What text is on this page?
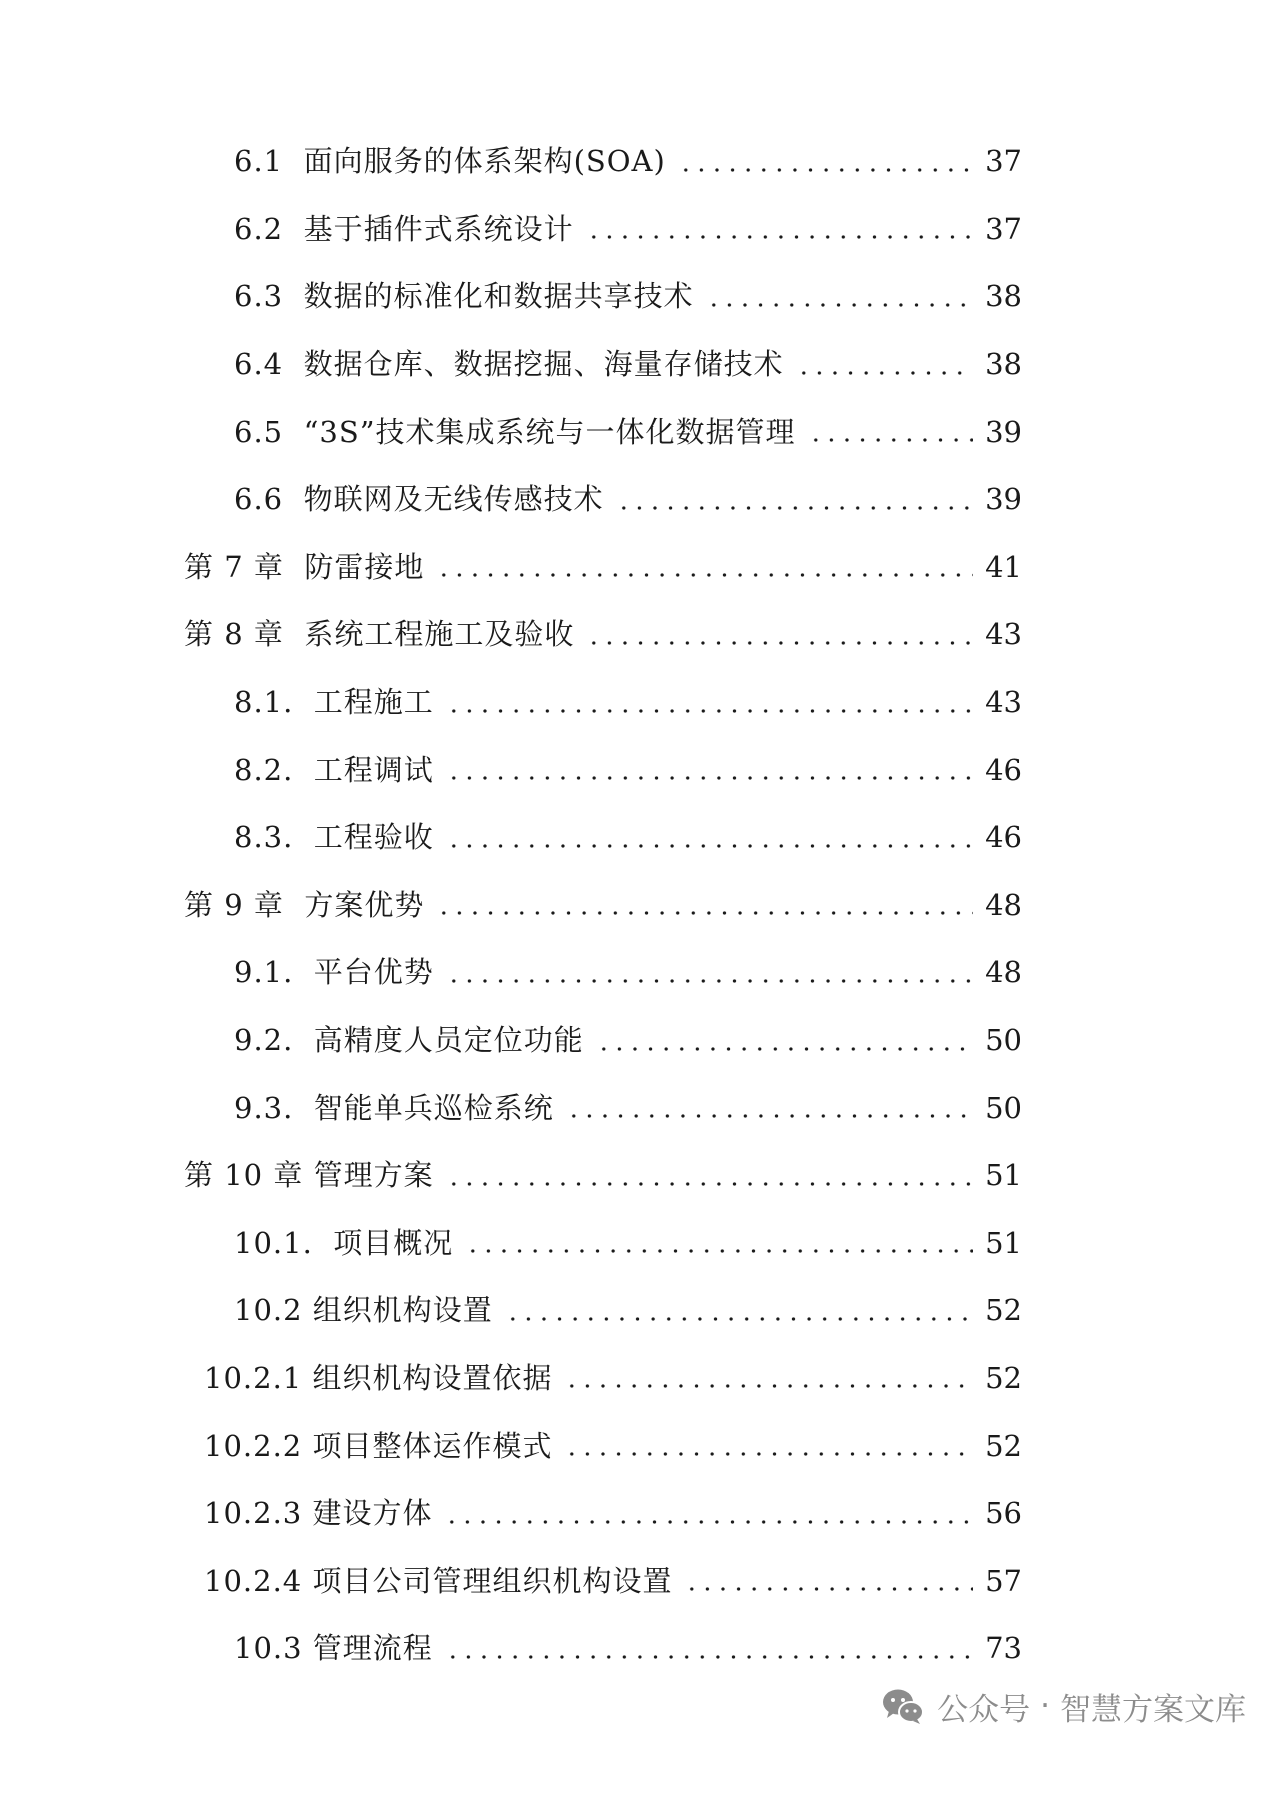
6.1 面向服务的体系架构(SOA)	37
6.2 基于插件式系统设计	37
6.3 数据的标准化和数据共享技术	38
6.4 数据仓库、数据挖掘、海量存储技术	38
6.5 “3S”技术集成系统与一体化数据管理	39
6.6 物联网及无线传感技术	39
第 7 章 防雷接地	41
第 8 章 系统工程施工及验收	43
8.1. 工程施工	43
8.2. 工程调试	46
8.3. 工程验收	46
第 9 章 方案优势	48
9.1. 平台优势	48
9.2. 高精度人员定位功能	50
9.3. 智能单兵巡检系统	50
第 10 章 管理方案	51
10.1. 项目概况	51
10.2 组织机构设置	52
10.2.1 组织机构设置依据	52
10.2.2 项目整体运作模式	52
10.2.3 建设方体	56
10.2.4 项目公司管理组织机构设置	57
10.3 管理流程	73
公众号 · 智慧方案文库
